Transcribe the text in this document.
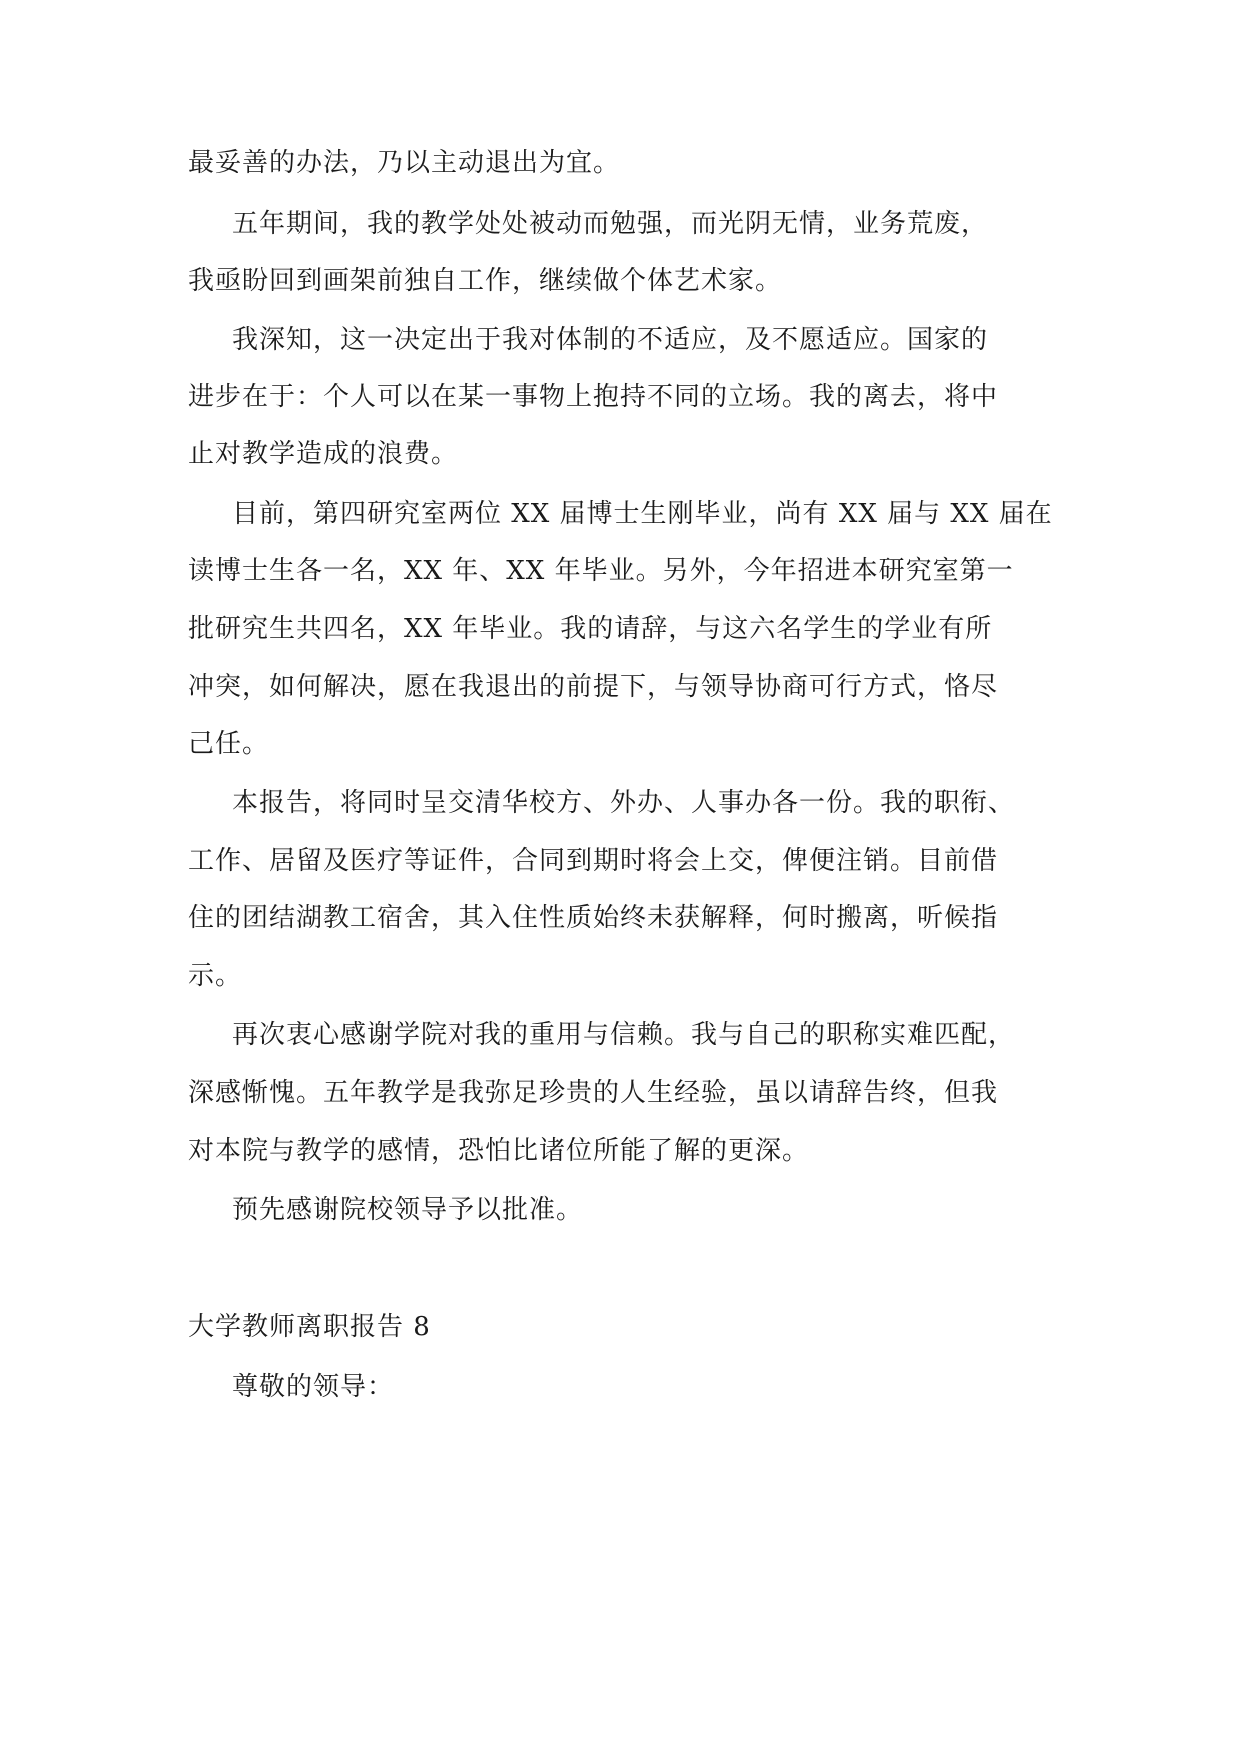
最妥善的办法，乃以主动退出为宜。

五年期间，我的教学处处被动而勉强，而光阴无情，业务荒废，

我亟盼回到画架前独自工作，继续做个体艺术家。

我深知，这一决定出于我对体制的不适应，及不愿适应。国家的

进步在于：个人可以在某一事物上抱持不同的立场。我的离去，将中

止对教学造成的浪费。

目前，第四研究室两位 XX 届博士生刚毕业，尚有 XX 届与 XX 届在

读博士生各一名，XX 年、XX 年毕业。另外，今年招进本研究室第一

批研究生共四名，XX 年毕业。我的请辞，与这六名学生的学业有所

冲突，如何解决，愿在我退出的前提下，与领导协商可行方式，恪尽

己任。

本报告，将同时呈交清华校方、外办、人事办各一份。我的职衔、

工作、居留及医疗等证件，合同到期时将会上交，俾便注销。目前借

住的团结湖教工宿舍，其入住性质始终未获解释，何时搬离，听候指

示。

再次衷心感谢学院对我的重用与信赖。我与自己的职称实难匹配，

深感惭愧。五年教学是我弥足珍贵的人生经验，虽以请辞告终，但我

对本院与教学的感情，恐怕比诸位所能了解的更深。

预先感谢院校领导予以批准。

大学教师离职报告 8

尊敬的领导：
